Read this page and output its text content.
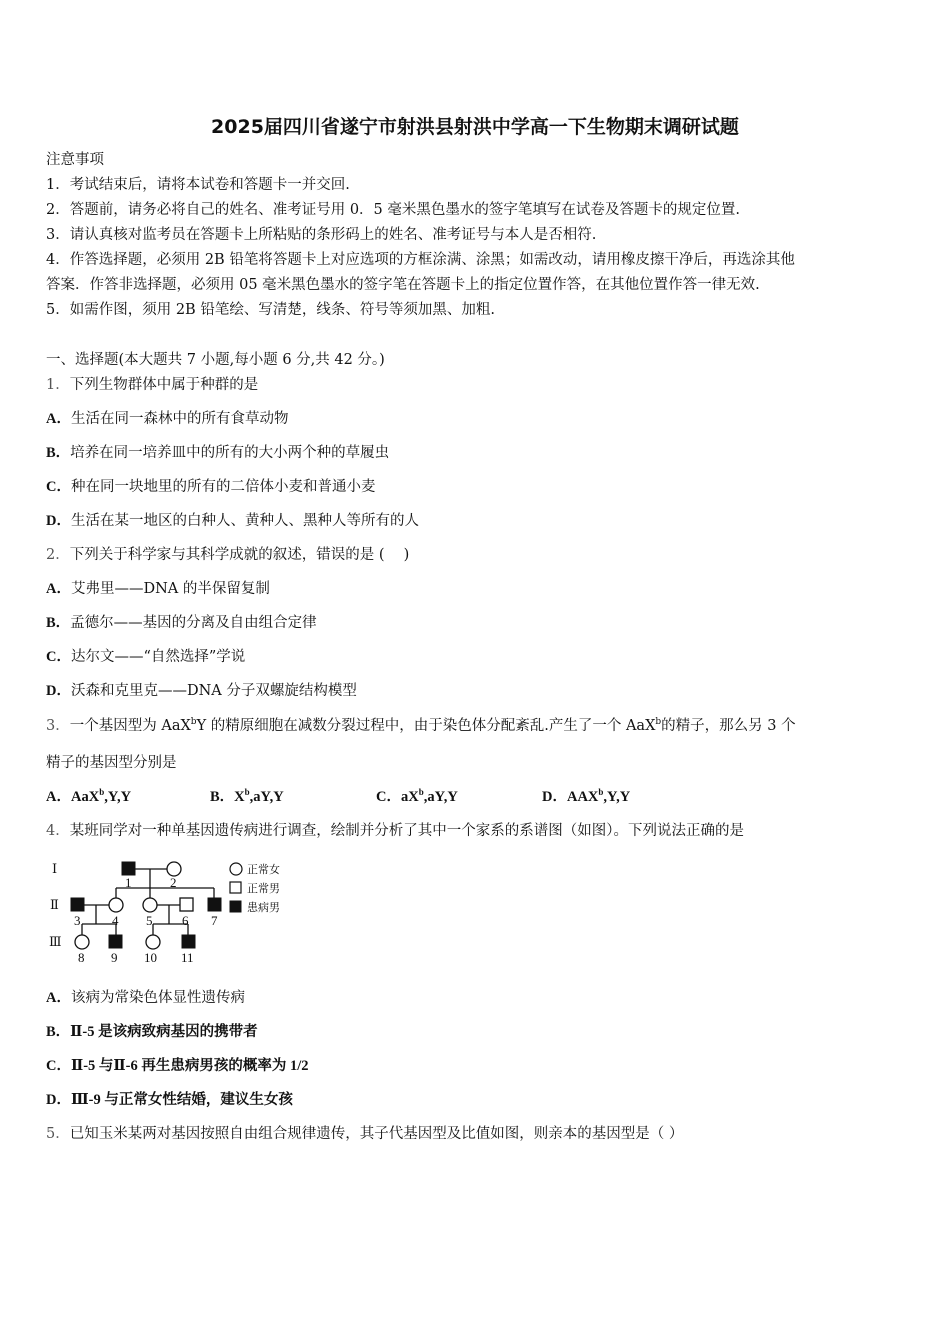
2025届四川省遂宁市射洪县射洪中学高一下生物期末调研试题
注意事项
1．考试结束后，请将本试卷和答题卡一并交回.
2．答题前，请务必将自己的姓名、准考证号用 0．5 毫米黑色墨水的签字笔填写在试卷及答题卡的规定位置.
3．请认真核对监考员在答题卡上所粘贴的条形码上的姓名、准考证号与本人是否相符.
4．作答选择题，必须用 2B 铅笔将答题卡上对应选项的方框涂满、涂黑；如需改动，请用橡皮擦干净后，再选涂其他
答案．作答非选择题，必须用 05 毫米黑色墨水的签字笔在答题卡上的指定位置作答，在其他位置作答一律无效.
5．如需作图，须用 2B 铅笔绘、写清楚，线条、符号等须加黑、加粗.
一、选择题(本大题共 7 小题,每小题 6 分,共 42 分。)
1．下列生物群体中属于种群的是
A．生活在同一森林中的所有食草动物
B．培养在同一培养皿中的所有的大小两个种的草履虫
C．种在同一块地里的所有的二倍体小麦和普通小麦
D．生活在某一地区的白种人、黄种人、黑种人等所有的人
2．下列关于科学家与其科学成就的叙述，错误的是 (　 )
A．艾弗里——DNA 的半保留复制
B．孟德尔——基因的分离及自由组合定律
C．达尔文——“自然选择”学说
D．沃森和克里克——DNA 分子双螺旋结构模型
3．一个基因型为 AaX$^b$Y 的精原细胞在减数分裂过程中，由于染色体分配紊乱.产生了一个 AaX$^b$的精子，那么另 3 个
精子的基因型分别是
A．AaX$^b$,Y,Y	B．$X^b,aY,Y$	C．$aX^b,aY,Y$	D．AAX$^b$,Y,Y
4．某班同学对一种单基因遗传病进行调查，绘制并分析了其中一个家系的系谱图（如图）。下列说法正确的是
Ⅰ
Ⅱ
Ⅲ
1	2
3 4 5 6 7
8 9 10 11
正常女
正常男
患病男
A．该病为常染色体显性遗传病
B．Ⅱ-5 是该病致病基因的携带者
C．Ⅱ-5 与Ⅱ-6 再生患病男孩的概率为 1/2
D．Ⅲ-9 与正常女性结婚，建议生女孩
5．已知玉米某两对基因按照自由组合规律遗传，其子代基因型及比值如图，则亲本的基因型是（ ）
